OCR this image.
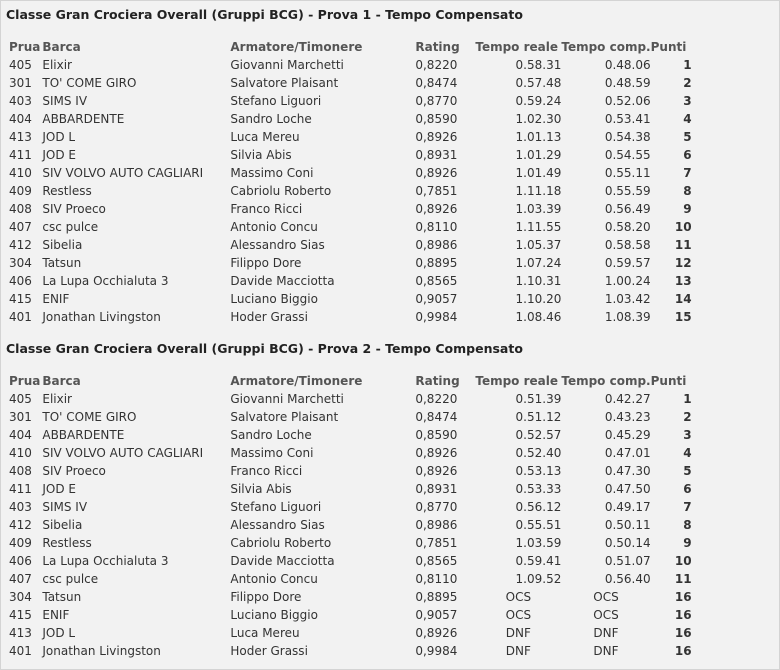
Classe Gran Crociera Overall (Gruppi BCG) - Prova 1 - Tempo Compensato
Prua	Barca	Armatore/Timonere	Rating	Tempo reale	Tempo comp.	Punti
405	Elixir	Giovanni Marchetti	0,8220	0.58.31	0.48.06	1
301	TO' COME GIRO	Salvatore Plaisant	0,8474	0.57.48	0.48.59	2
403	SIMS IV	Stefano Liguori	0,8770	0.59.24	0.52.06	3
404	ABBARDENTE	Sandro Loche	0,8590	1.02.30	0.53.41	4
413	JOD L	Luca Mereu	0,8926	1.01.13	0.54.38	5
411	JOD E	Silvia Abis	0,8931	1.01.29	0.54.55	6
410	SIV VOLVO AUTO CAGLIARI	Massimo Coni	0,8926	1.01.49	0.55.11	7
409	Restless	Cabriolu Roberto	0,7851	1.11.18	0.55.59	8
408	SIV Proeco	Franco Ricci	0,8926	1.03.39	0.56.49	9
407	csc pulce	Antonio Concu	0,8110	1.11.55	0.58.20	10
412	Sibelia	Alessandro Sias	0,8986	1.05.37	0.58.58	11
304	Tatsun	Filippo Dore	0,8895	1.07.24	0.59.57	12
406	La Lupa Occhialuta 3	Davide Macciotta	0,8565	1.10.31	1.00.24	13
415	ENIF	Luciano Biggio	0,9057	1.10.20	1.03.42	14
401	Jonathan Livingston	Hoder Grassi	0,9984	1.08.46	1.08.39	15
Classe Gran Crociera Overall (Gruppi BCG) - Prova 2 - Tempo Compensato
Prua	Barca	Armatore/Timonere	Rating	Tempo reale	Tempo comp.	Punti
405	Elixir	Giovanni Marchetti	0,8220	0.51.39	0.42.27	1
301	TO' COME GIRO	Salvatore Plaisant	0,8474	0.51.12	0.43.23	2
404	ABBARDENTE	Sandro Loche	0,8590	0.52.57	0.45.29	3
410	SIV VOLVO AUTO CAGLIARI	Massimo Coni	0,8926	0.52.40	0.47.01	4
408	SIV Proeco	Franco Ricci	0,8926	0.53.13	0.47.30	5
411	JOD E	Silvia Abis	0,8931	0.53.33	0.47.50	6
403	SIMS IV	Stefano Liguori	0,8770	0.56.12	0.49.17	7
412	Sibelia	Alessandro Sias	0,8986	0.55.51	0.50.11	8
409	Restless	Cabriolu Roberto	0,7851	1.03.59	0.50.14	9
406	La Lupa Occhialuta 3	Davide Macciotta	0,8565	0.59.41	0.51.07	10
407	csc pulce	Antonio Concu	0,8110	1.09.52	0.56.40	11
304	Tatsun	Filippo Dore	0,8895	OCS	OCS	16
415	ENIF	Luciano Biggio	0,9057	OCS	OCS	16
413	JOD L	Luca Mereu	0,8926	DNF	DNF	16
401	Jonathan Livingston	Hoder Grassi	0,9984	DNF	DNF	16
